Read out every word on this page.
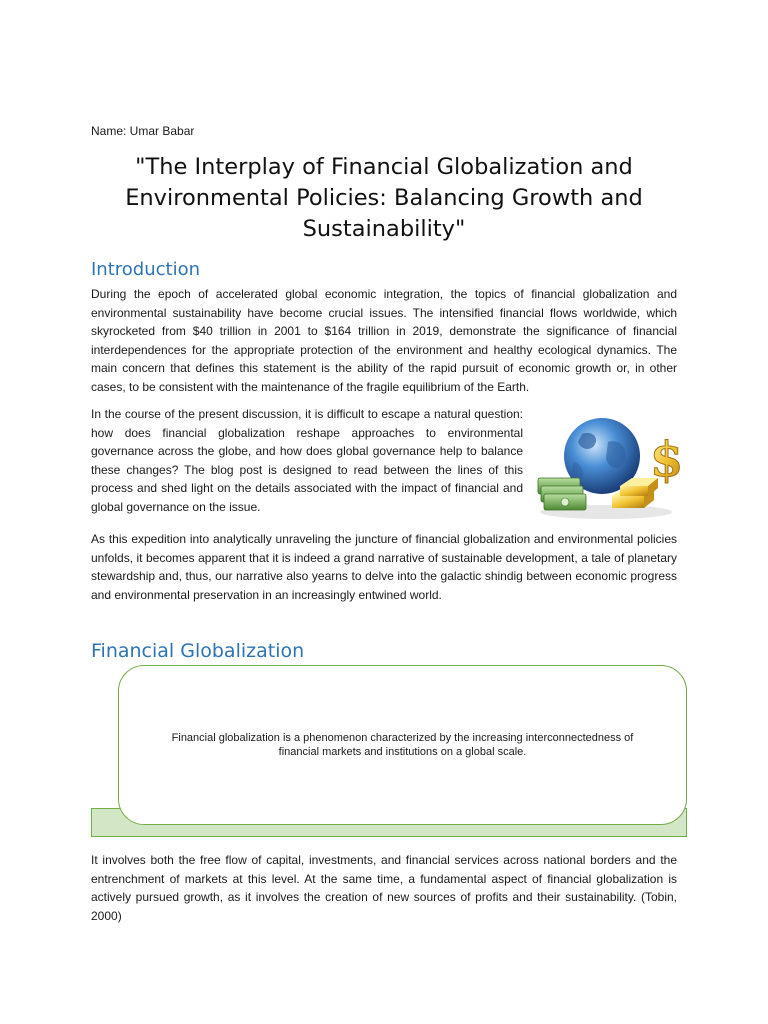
Name: Umar Babar
"The Interplay of Financial Globalization and Environmental Policies: Balancing Growth and Sustainability"
Introduction

During the epoch of accelerated global economic integration, the topics of financial globalization and environmental sustainability have become crucial issues. The intensified financial flows worldwide, which skyrocketed from $40 trillion in 2001 to $164 trillion in 2019, demonstrate the significance of financial interdependences for the appropriate protection of the environment and healthy ecological dynamics. The main concern that defines this statement is the ability of the rapid pursuit of economic growth or, in other cases, to be consistent with the maintenance of the fragile equilibrium of the Earth.

In the course of the present discussion, it is difficult to escape a natural question: how does financial globalization reshape approaches to environmental governance across the globe, and how does global governance help to balance these changes? The blog post is designed to read between the lines of this process and shed light on the details associated with the impact of financial and global governance on the issue.

$

As this expedition into analytically unraveling the juncture of financial globalization and environmental policies unfolds, it becomes apparent that it is indeed a grand narrative of sustainable development, a tale of planetary stewardship and, thus, our narrative also yearns to delve into the galactic shindig between economic progress and environmental preservation in an increasingly entwined world.

Financial Globalization
Financial globalization is a phenomenon characterized by the increasing interconnectedness of financial markets and institutions on a global scale.

It involves both the free flow of capital, investments, and financial services across national borders and the entrenchment of markets at this level. At the same time, a fundamental aspect of financial globalization is actively pursued growth, as it involves the creation of new sources of profits and their sustainability. (Tobin, 2000)
